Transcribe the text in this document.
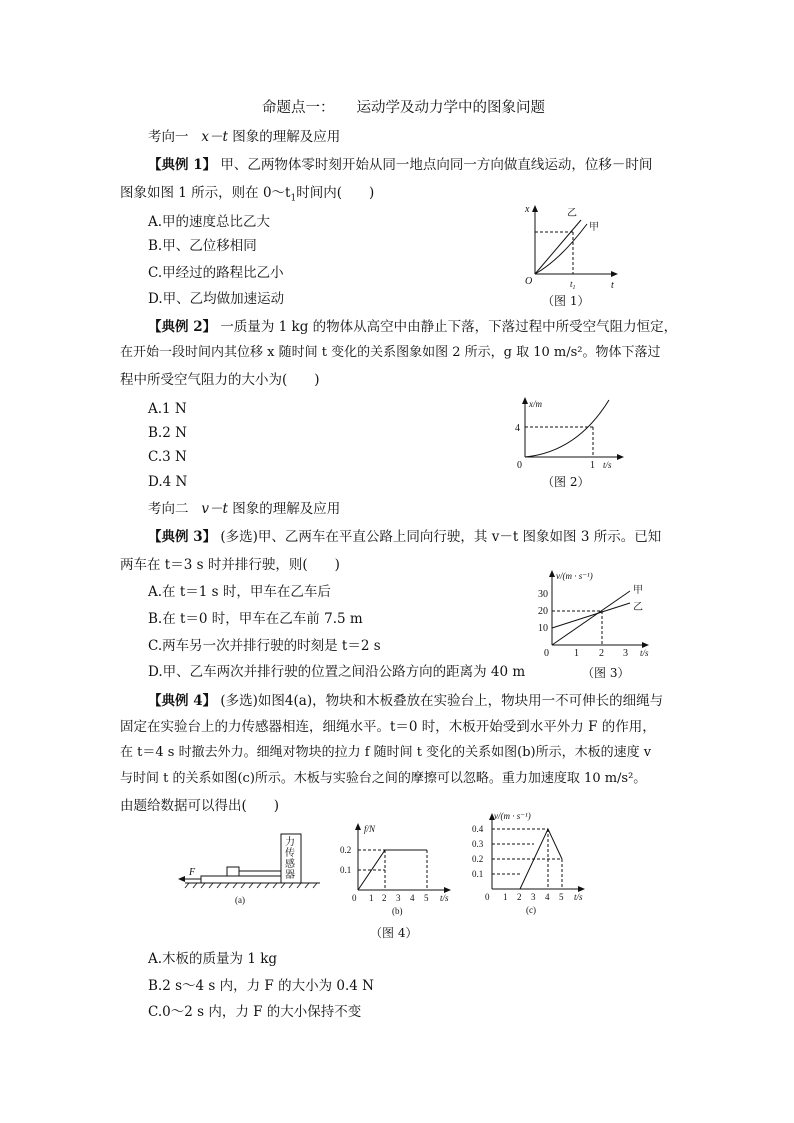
命题点一： 运动学及动力学中的图象问题
考向一 x－t 图象的理解及应用
【典例 1】 甲、乙两物体零时刻开始从同一地点向同一方向做直线运动，位移－时间
图象如图 1 所示，则在 $0\sim t_1$时间内(　　)
A.甲的速度总比乙大
B.甲、乙位移相同
C.甲经过的路程比乙小
D.甲、乙均做加速运动
x
t
O	$t_1$
乙
甲
（图 1）
【典例 2】 一质量为 1 kg 的物体从高空中由静止下落，下落过程中所受空气阻力恒定，
在开始一段时间内其位移 x 随时间 t 变化的关系图象如图 2 所示，g 取 10 m/s²。物体下落过
程中所受空气阻力的大小为(　　)
A.1 N
B.2 N
C.3 N
D.4 N
x/m
4
0	1 t/s
（图 2）
考向二 v－t 图象的理解及应用
【典例 3】 (多选)甲、乙两车在平直公路上同向行驶，其 v－t 图象如图 3 所示。已知
两车在 t＝3 s 时并排行驶，则(　　)
A.在 t＝1 s 时，甲车在乙车后
B.在 t＝0 时，甲车在乙车前 7.5 m
C.两车另一次并排行驶的时刻是 t＝2 s
D.甲、乙车两次并排行驶的位置之间沿公路方向的距离为 40 m
v/(m · s⁻¹)
30
20
10
0	1 2 3 t/s
甲
乙
（图 3）
【典例 4】 (多选)如图4(a)，物块和木板叠放在实验台上，物块用一不可伸长的细绳与
固定在实验台上的力传感器相连，细绳水平。t＝0 时，木板开始受到水平外力 F 的作用，
在 t＝4 s 时撤去外力。细绳对物块的拉力 f 随时间 t 变化的关系如图(b)所示，木板的速度 v
与时间 t 的关系如图(c)所示。木板与实验台之间的摩擦可以忽略。重力加速度取 10 m/s²。
由题给数据可以得出(　　)
F
力
传
感
器
(a)
f/N
0.2
0.1
0 1 2 3 4 5 t/s
(b)
v/(m · s⁻¹)
0.4
0.3
0.2
0.1
0 1 2 3 4 5 t/s
(c)
（图 4）
A.木板的质量为 1 kg
B.2 s～4 s 内，力 F 的大小为 0.4 N
C.0～2 s 内，力 F 的大小保持不变
